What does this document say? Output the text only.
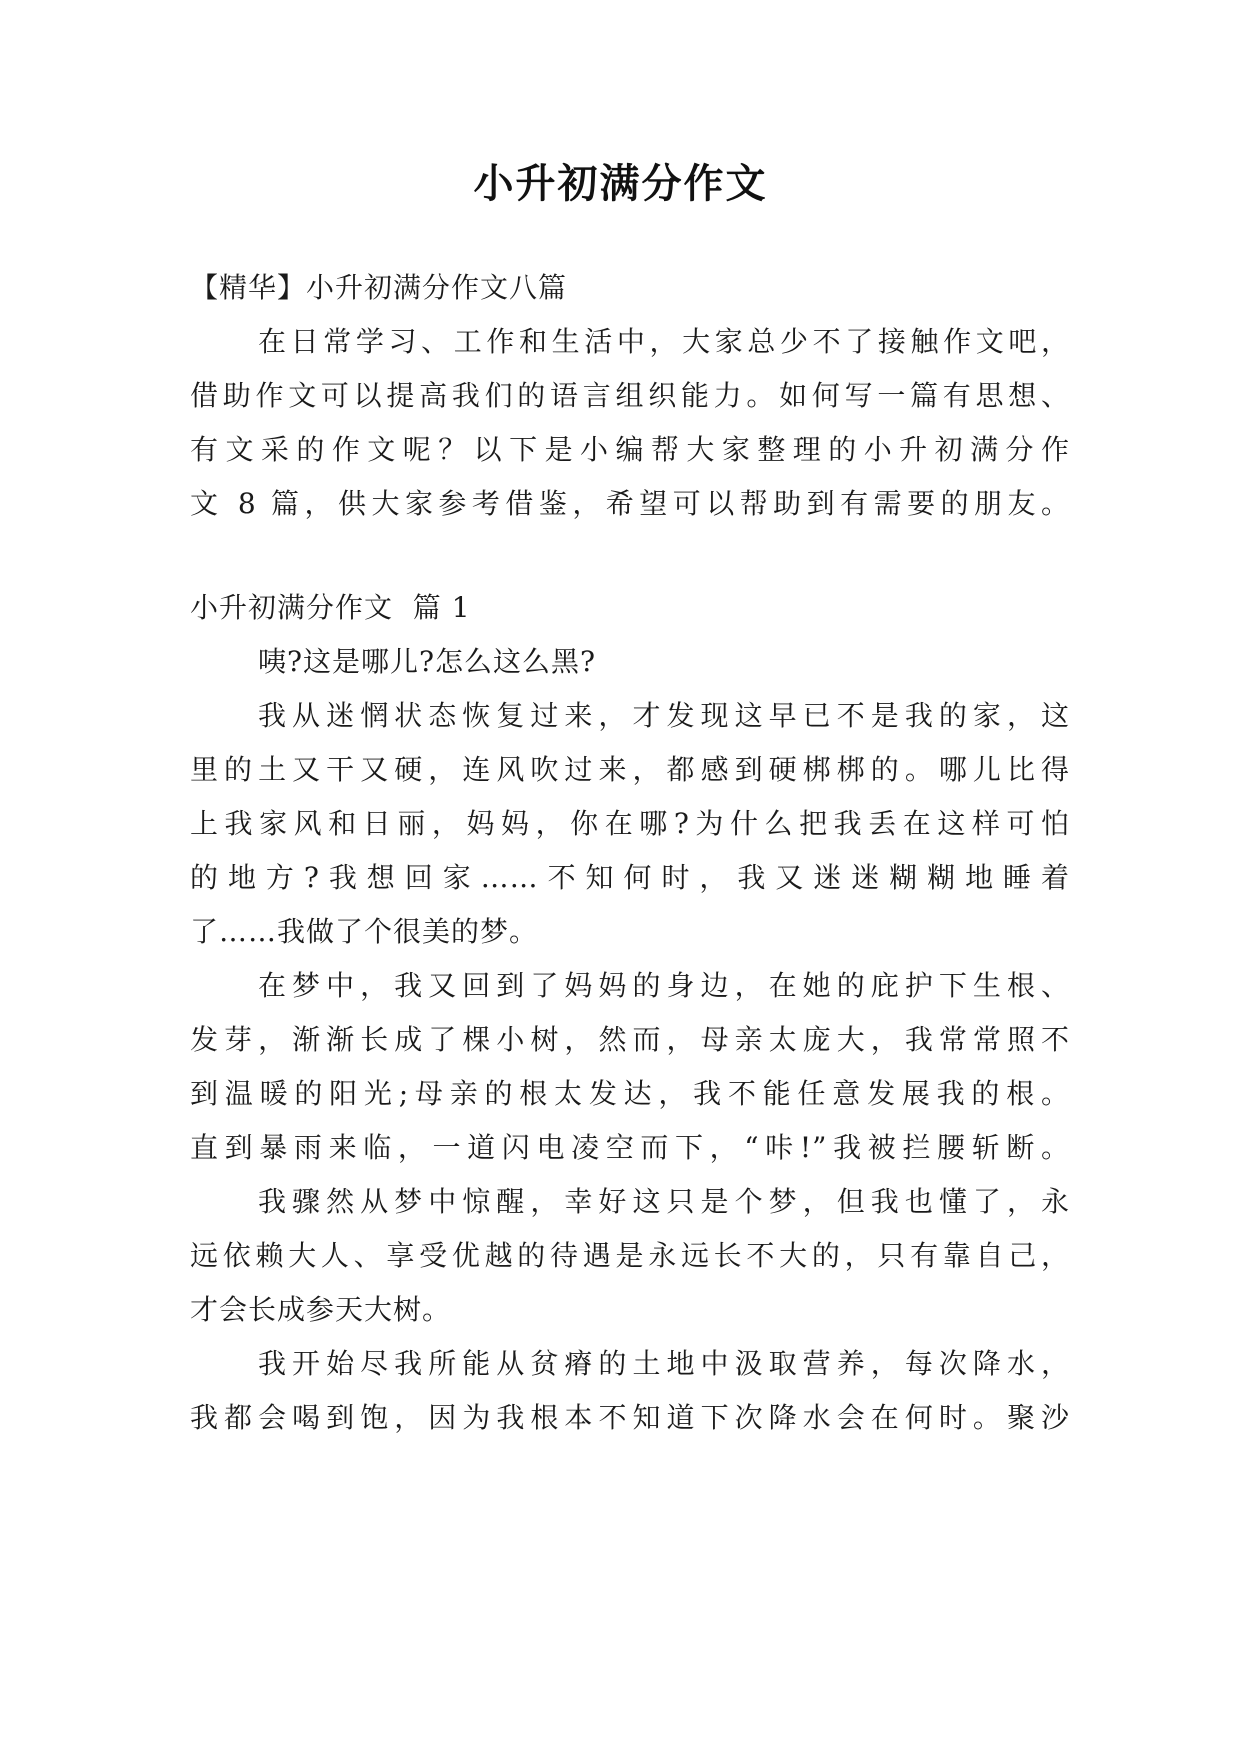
小升初满分作文
【精华】小升初满分作文八篇
在日常学习、工作和生活中，大家总少不了接触作文吧，
借助作文可以提高我们的语言组织能力。如何写一篇有思想、
有文采的作文呢？以下是小编帮大家整理的小升初满分作
文 8 篇，供大家参考借鉴，希望可以帮助到有需要的朋友。
小升初满分作文  篇 1
咦?这是哪儿?怎么这么黑?
我从迷惘状态恢复过来，才发现这早已不是我的家，这
里的土又干又硬，连风吹过来，都感到硬梆梆的。哪儿比得
上我家风和日丽，妈妈，你在哪?为什么把我丢在这样可怕
的地方?我想回家……不知何时，我又迷迷糊糊地睡着
了……我做了个很美的梦。
在梦中，我又回到了妈妈的身边，在她的庇护下生根、
发芽，渐渐长成了棵小树，然而，母亲太庞大，我常常照不
到温暖的阳光;母亲的根太发达，我不能任意发展我的根。
直到暴雨来临，一道闪电凌空而下，“咔!”我被拦腰斩断。
我骤然从梦中惊醒，幸好这只是个梦，但我也懂了，永
远依赖大人、享受优越的待遇是永远长不大的，只有靠自己，
才会长成参天大树。
我开始尽我所能从贫瘠的土地中汲取营养，每次降水，
我都会喝到饱，因为我根本不知道下次降水会在何时。聚沙
